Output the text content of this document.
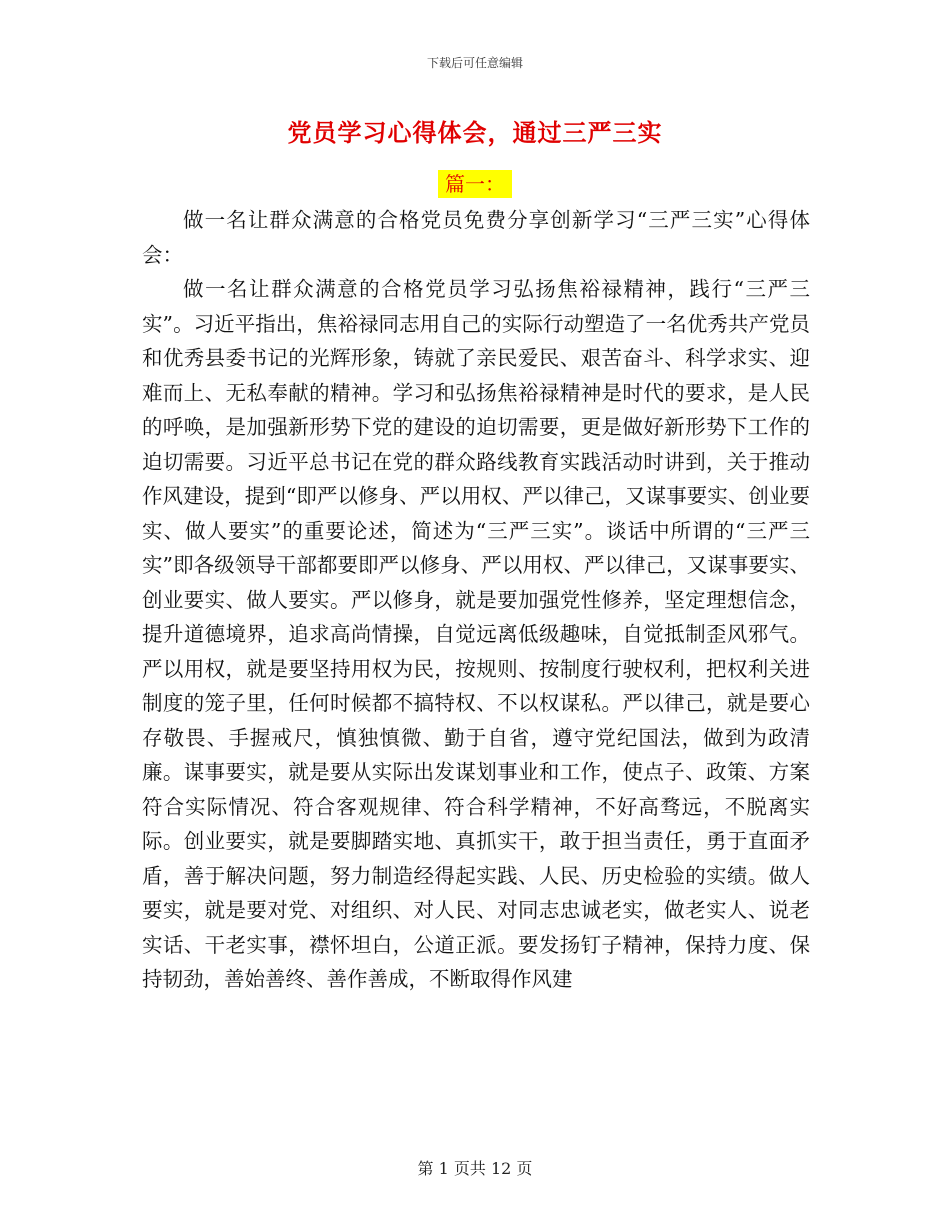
下载后可任意编辑
党员学习心得体会，通过三严三实
篇一：

做一名让群众满意的合格党员免费分享创新学习“三严三实”心得体会：

做一名让群众满意的合格党员学习弘扬焦裕禄精神，践行“三严三实”。习近平指出，焦裕禄同志用自己的实际行动塑造了一名优秀共产党员和优秀县委书记的光辉形象，铸就了亲民爱民、艰苦奋斗、科学求实、迎难而上、无私奉献的精神。学习和弘扬焦裕禄精神是时代的要求，是人民的呼唤，是加强新形势下党的建设的迫切需要，更是做好新形势下工作的迫切需要。习近平总书记在党的群众路线教育实践活动时讲到，关于推动作风建设，提到“即严以修身、严以用权、严以律己，又谋事要实、创业要实、做人要实”的重要论述，简述为“三严三实”。谈话中所谓的“三严三实”即各级领导干部都要即严以修身、严以用权、严以律己，又谋事要实、创业要实、做人要实。严以修身，就是要加强党性修养，坚定理想信念，提升道德境界，追求高尚情操，自觉远离低级趣味，自觉抵制歪风邪气。严以用权，就是要坚持用权为民，按规则、按制度行驶权利，把权利关进制度的笼子里，任何时候都不搞特权、不以权谋私。严以律己，就是要心存敬畏、手握戒尺，慎独慎微、勤于自省，遵守党纪国法，做到为政清廉。谋事要实，就是要从实际出发谋划事业和工作，使点子、政策、方案符合实际情况、符合客观规律、符合科学精神，不好高骛远，不脱离实际。创业要实，就是要脚踏实地、真抓实干，敢于担当责任，勇于直面矛盾，善于解决问题，努力制造经得起实践、人民、历史检验的实绩。做人要实，就是要对党、对组织、对人民、对同志忠诚老实，做老实人、说老实话、干老实事，襟怀坦白，公道正派。要发扬钉子精神，保持力度、保持韧劲，善始善终、善作善成，不断取得作风建

第 1 页共 12 页
